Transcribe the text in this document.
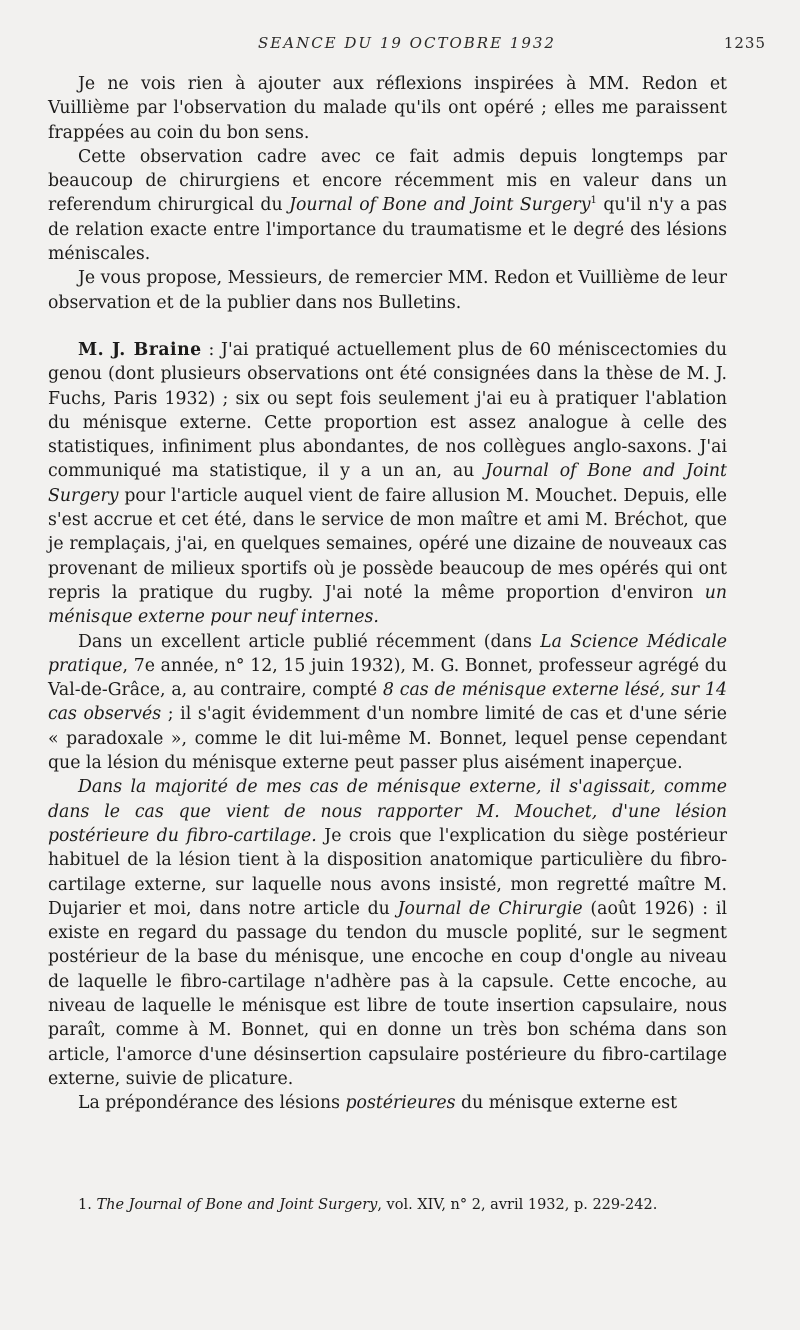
SEANCE DU 19 OCTOBRE 1932	1235

Je ne vois rien à ajouter aux réflexions inspirées à MM. Redon et Vuillième par l'observation du malade qu'ils ont opéré ; elles me paraissent frappées au coin du bon sens.

Cette observation cadre avec ce fait admis depuis longtemps par beaucoup de chirurgiens et encore récemment mis en valeur dans un referendum chirurgical du Journal of Bone and Joint Surgery$^1$ qu'il n'y a pas de relation exacte entre l'importance du traumatisme et le degré des lésions méniscales.

Je vous propose, Messieurs, de remercier MM. Redon et Vuillième de leur observation et de la publier dans nos Bulletins.

M. J. Braine : J'ai pratiqué actuellement plus de 60 méniscectomies du genou (dont plusieurs observations ont été consignées dans la thèse de M. J. Fuchs, Paris 1932) ; six ou sept fois seulement j'ai eu à pratiquer l'ablation du ménisque externe. Cette proportion est assez analogue à celle des statistiques, infiniment plus abondantes, de nos collègues anglo-saxons. J'ai communiqué ma statistique, il y a un an, au Journal of Bone and Joint Surgery pour l'article auquel vient de faire allusion M. Mouchet. Depuis, elle s'est accrue et cet été, dans le service de mon maître et ami M. Bréchot, que je remplaçais, j'ai, en quelques semaines, opéré une dizaine de nouveaux cas provenant de milieux sportifs où je possède beaucoup de mes opérés qui ont repris la pratique du rugby. J'ai noté la même proportion d'environ un ménisque externe pour neuf internes.

Dans un excellent article publié récemment (dans La Science Médicale pratique, 7e année, n° 12, 15 juin 1932), M. G. Bonnet, professeur agrégé du Val-de-Grâce, a, au contraire, compté 8 cas de ménisque externe lésé, sur 14 cas observés ; il s'agit évidemment d'un nombre limité de cas et d'une série « paradoxale », comme le dit lui-même M. Bonnet, lequel pense cependant que la lésion du ménisque externe peut passer plus aisément inaperçue.

Dans la majorité de mes cas de ménisque externe, il s'agissait, comme dans le cas que vient de nous rapporter M. Mouchet, d'une lésion postérieure du fibro-cartilage. Je crois que l'explication du siège postérieur habituel de la lésion tient à la disposition anatomique particulière du fibro-cartilage externe, sur laquelle nous avons insisté, mon regretté maître M. Dujarier et moi, dans notre article du Journal de Chirurgie (août 1926) : il existe en regard du passage du tendon du muscle poplité, sur le segment postérieur de la base du ménisque, une encoche en coup d'ongle au niveau de laquelle le fibro-cartilage n'adhère pas à la capsule. Cette encoche, au niveau de laquelle le ménisque est libre de toute insertion capsulaire, nous paraît, comme à M. Bonnet, qui en donne un très bon schéma dans son article, l'amorce d'une désinsertion capsulaire postérieure du fibro-cartilage externe, suivie de plicature.

La prépondérance des lésions postérieures du ménisque externe est

1. The Journal of Bone and Joint Surgery, vol. XIV, n° 2, avril 1932, p. 229-242.
